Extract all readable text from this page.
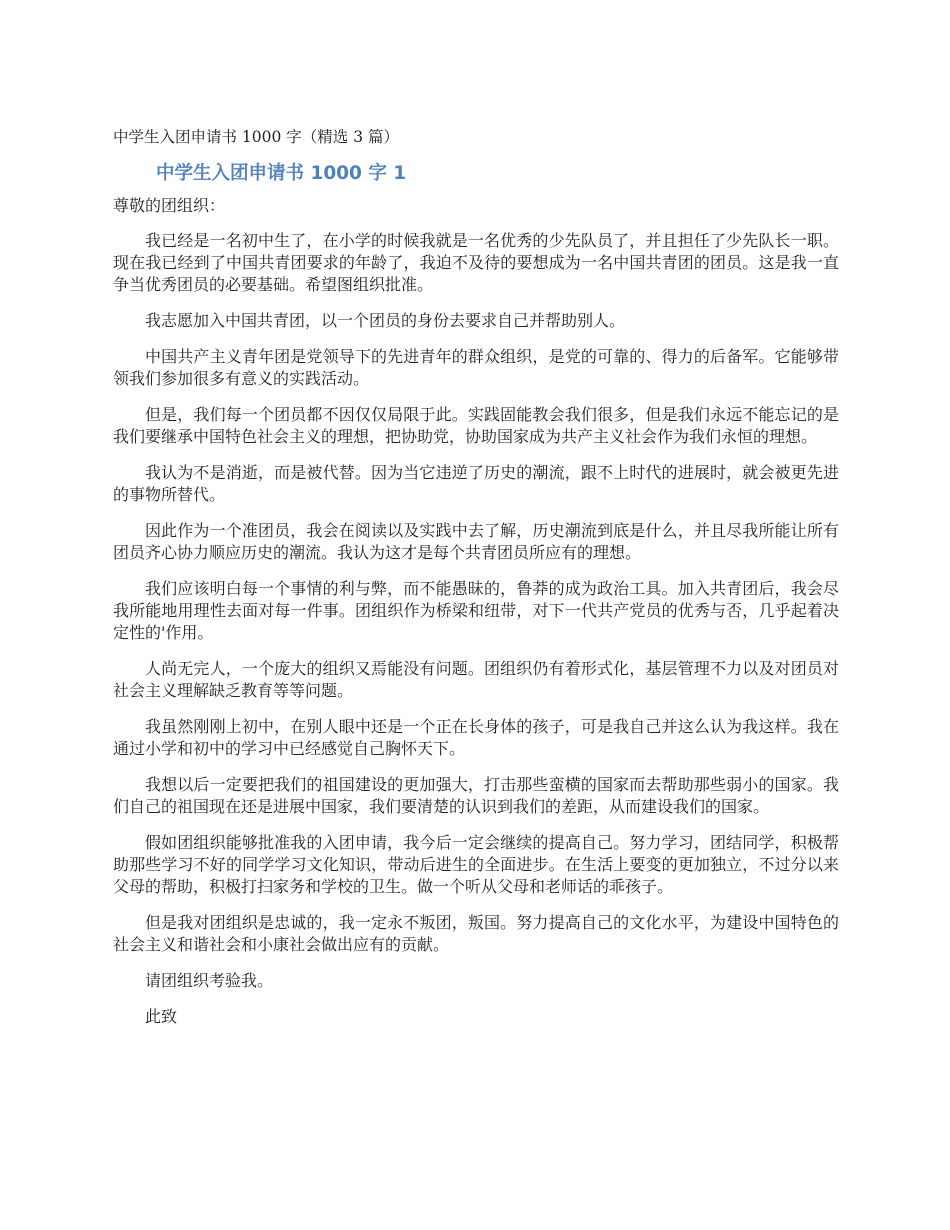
中学生入团申请书 1000 字（精选 3 篇）
中学生入团申请书 1000 字 1
尊敬的团组织：

我已经是一名初中生了，在小学的时候我就是一名优秀的少先队员了，并且担任了少先队长一职。现在我已经到了中国共青团要求的年龄了，我迫不及待的要想成为一名中国共青团的团员。这是我一直争当优秀团员的必要基础。希望图组织批准。

我志愿加入中国共青团，以一个团员的身份去要求自己并帮助别人。

中国共产主义青年团是党领导下的先进青年的群众组织，是党的可靠的、得力的后备军。它能够带领我们参加很多有意义的实践活动。

但是，我们每一个团员都不因仅仅局限于此。实践固能教会我们很多，但是我们永远不能忘记的是我们要继承中国特色社会主义的理想，把协助党，协助国家成为共产主义社会作为我们永恒的理想。

我认为不是消逝，而是被代替。因为当它违逆了历史的潮流，跟不上时代的进展时，就会被更先进的事物所替代。

因此作为一个准团员，我会在阅读以及实践中去了解，历史潮流到底是什么，并且尽我所能让所有团员齐心协力顺应历史的潮流。我认为这才是每个共青团员所应有的理想。

我们应该明白每一个事情的利与弊，而不能愚昧的，鲁莽的成为政治工具。加入共青团后，我会尽我所能地用理性去面对每一件事。团组织作为桥梁和纽带，对下一代共产党员的优秀与否，几乎起着决定性的'作用。

人尚无完人，一个庞大的组织又焉能没有问题。团组织仍有着形式化，基层管理不力以及对团员对社会主义理解缺乏教育等等问题。

我虽然刚刚上初中，在别人眼中还是一个正在长身体的孩子，可是我自己并这么认为我这样。我在通过小学和初中的学习中已经感觉自己胸怀天下。

我想以后一定要把我们的祖国建设的更加强大，打击那些蛮横的国家而去帮助那些弱小的国家。我们自己的祖国现在还是进展中国家，我们要清楚的认识到我们的差距，从而建设我们的国家。

假如团组织能够批准我的入团申请，我今后一定会继续的提高自己。努力学习，团结同学，积极帮助那些学习不好的同学学习文化知识，带动后进生的全面进步。在生活上要变的更加独立，不过分以来父母的帮助，积极打扫家务和学校的卫生。做一个听从父母和老师话的乖孩子。

但是我对团组织是忠诚的，我一定永不叛团，叛国。努力提高自己的文化水平，为建设中国特色的社会主义和谐社会和小康社会做出应有的贡献。

请团组织考验我。

此致
